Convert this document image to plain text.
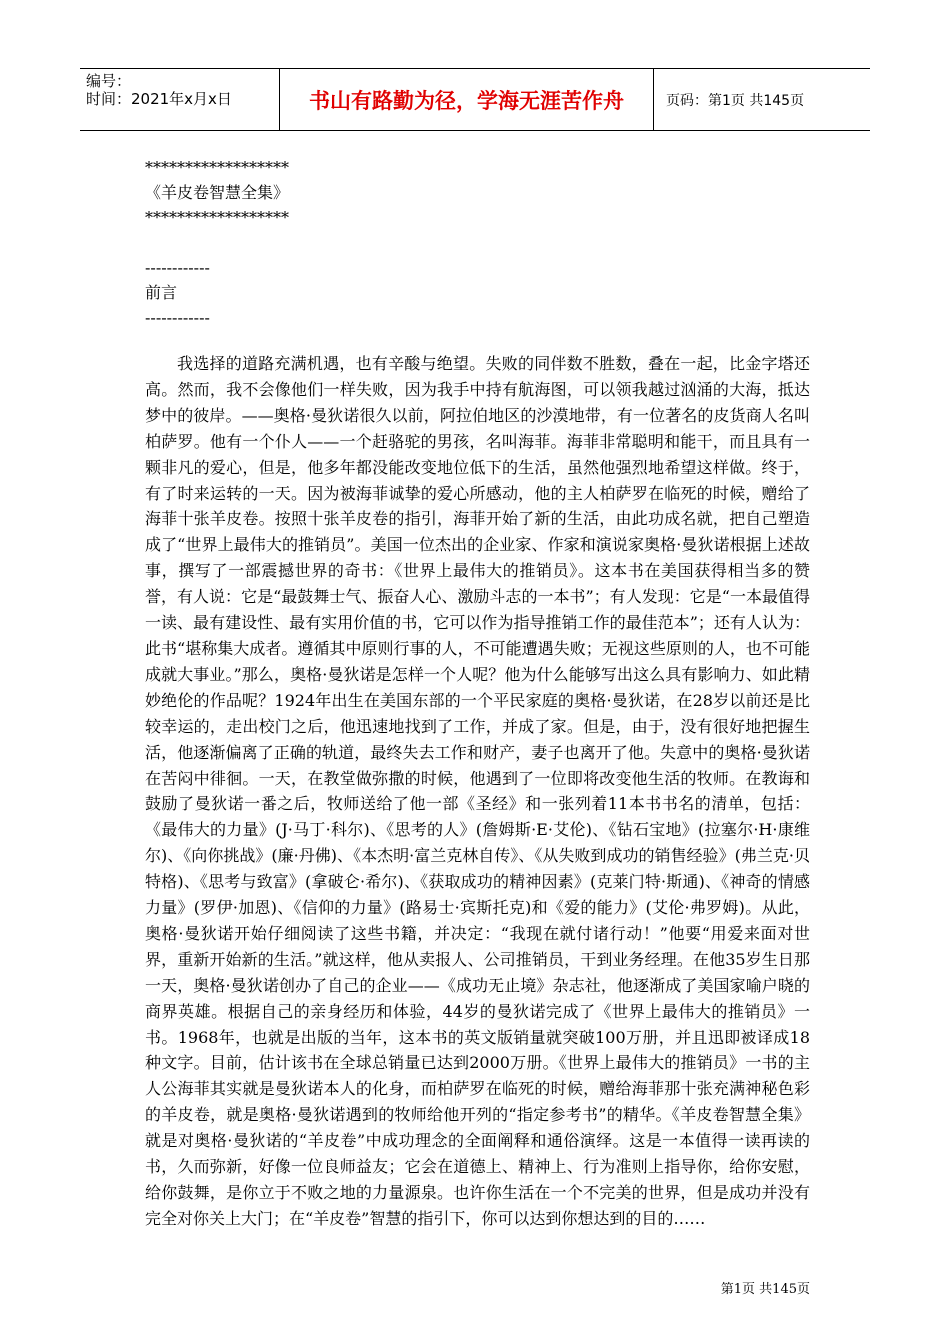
编号：
时间：2021年x月x日	书山有路勤为径，学海无涯苦作舟	页码：第1页 共145页
******************
《羊皮卷智慧全集》
******************
------------
前言
------------

我选择的道路充满机遇，也有辛酸与绝望。失败的同伴数不胜数，叠在一起，比金字塔还高。然而，我不会像他们一样失败，因为我手中持有航海图，可以领我越过汹涌的大海，抵达梦中的彼岸。——奥格·曼狄诺很久以前，阿拉伯地区的沙漠地带，有一位著名的皮货商人名叫柏萨罗。他有一个仆人——一个赶骆驼的男孩，名叫海菲。海菲非常聪明和能干，而且具有一颗非凡的爱心，但是，他多年都没能改变地位低下的生活，虽然他强烈地希望这样做。终于，有了时来运转的一天。因为被海菲诚挚的爱心所感动，他的主人柏萨罗在临死的时候，赠给了海菲十张羊皮卷。按照十张羊皮卷的指引，海菲开始了新的生活，由此功成名就，把自己塑造成了“世界上最伟大的推销员”。美国一位杰出的企业家、作家和演说家奥格·曼狄诺根据上述故事，撰写了一部震撼世界的奇书：《世界上最伟大的推销员》。这本书在美国获得相当多的赞誉，有人说：它是“最鼓舞士气、振奋人心、激励斗志的一本书”；有人发现：它是“一本最值得一读、最有建设性、最有实用价值的书，它可以作为指导推销工作的最佳范本”；还有人认为：此书“堪称集大成者。遵循其中原则行事的人，不可能遭遇失败；无视这些原则的人，也不可能成就大事业。”那么，奥格·曼狄诺是怎样一个人呢？他为什么能够写出这么具有影响力、如此精妙绝伦的作品呢？1924年出生在美国东部的一个平民家庭的奥格·曼狄诺，在28岁以前还是比较幸运的，走出校门之后，他迅速地找到了工作，并成了家。但是，由于，没有很好地把握生活，他逐渐偏离了正确的轨道，最终失去工作和财产，妻子也离开了他。失意中的奥格·曼狄诺在苦闷中徘徊。一天，在教堂做弥撒的时候，他遇到了一位即将改变他生活的牧师。在教诲和鼓励了曼狄诺一番之后，牧师送给了他一部《圣经》和一张列着11本书书名的清单，包括：《最伟大的力量》(J·马丁·科尔)、《思考的人》(詹姆斯·E·艾伦)、《钻石宝地》(拉塞尔·H·康维尔)、《向你挑战》(廉·丹佛)、《本杰明·富兰克林自传》、《从失败到成功的销售经验》(弗兰克·贝特格)、《思考与致富》(拿破仑·希尔)、《获取成功的精神因素》(克莱门特·斯通)、《神奇的情感力量》(罗伊·加恩)、《信仰的力量》(路易士·宾斯托克)和《爱的能力》(艾伦·弗罗姆)。从此，奥格·曼狄诺开始仔细阅读了这些书籍，并决定：“我现在就付诸行动！”他要“用爱来面对世界，重新开始新的生活。”就这样，他从卖报人、公司推销员，干到业务经理。在他35岁生日那一天，奥格·曼狄诺创办了自己的企业——《成功无止境》杂志社，他逐渐成了美国家喻户晓的商界英雄。根据自己的亲身经历和体验，44岁的曼狄诺完成了《世界上最伟大的推销员》一书。1968年，也就是出版的当年，这本书的英文版销量就突破100万册，并且迅即被译成18种文字。目前，估计该书在全球总销量已达到2000万册。《世界上最伟大的推销员》一书的主人公海菲其实就是曼狄诺本人的化身，而柏萨罗在临死的时候，赠给海菲那十张充满神秘色彩的羊皮卷，就是奥格·曼狄诺遇到的牧师给他开列的“指定参考书”的精华。《羊皮卷智慧全集》就是对奥格·曼狄诺的“羊皮卷”中成功理念的全面阐释和通俗演绎。这是一本值得一读再读的书，久而弥新，好像一位良师益友；它会在道德上、精神上、行为准则上指导你，给你安慰，给你鼓舞，是你立于不败之地的力量源泉。也许你生活在一个不完美的世界，但是成功并没有完全对你关上大门；在“羊皮卷”智慧的指引下，你可以达到你想达到的目的……

第1页 共145页
